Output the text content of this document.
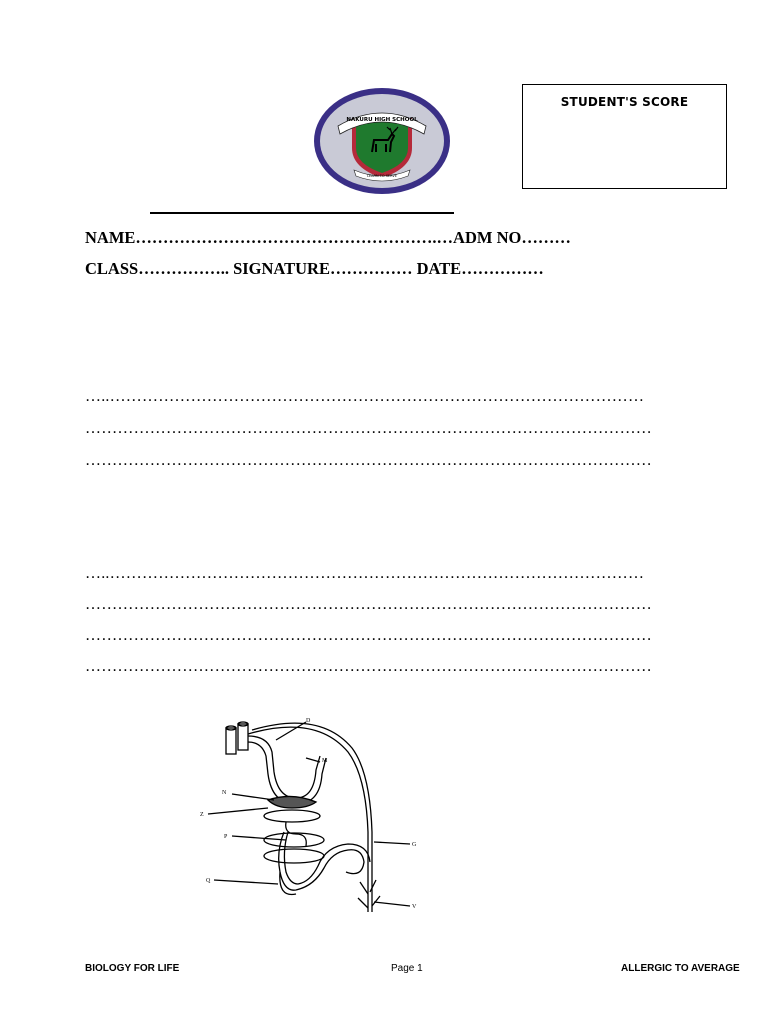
NAKURU HIGH SCHOOL
LEARN TO SERVE
STUDENT'S SCORE
NAME……………………………………………….…ADM NO………
CLASS…………….. SIGNATURE…………… DATE……………
…..………………………………………………………………………………………
……………………………………………………………………………………………
……………………………………………………………………………………………
…..………………………………………………………………………………………
……………………………………………………………………………………………
……………………………………………………………………………………………
……………………………………………………………………………………………
D
M
N
Z
P
G
Q
V
BIOLOGY FOR LIFE	Page 1	ALLERGIC TO AVERAGE
